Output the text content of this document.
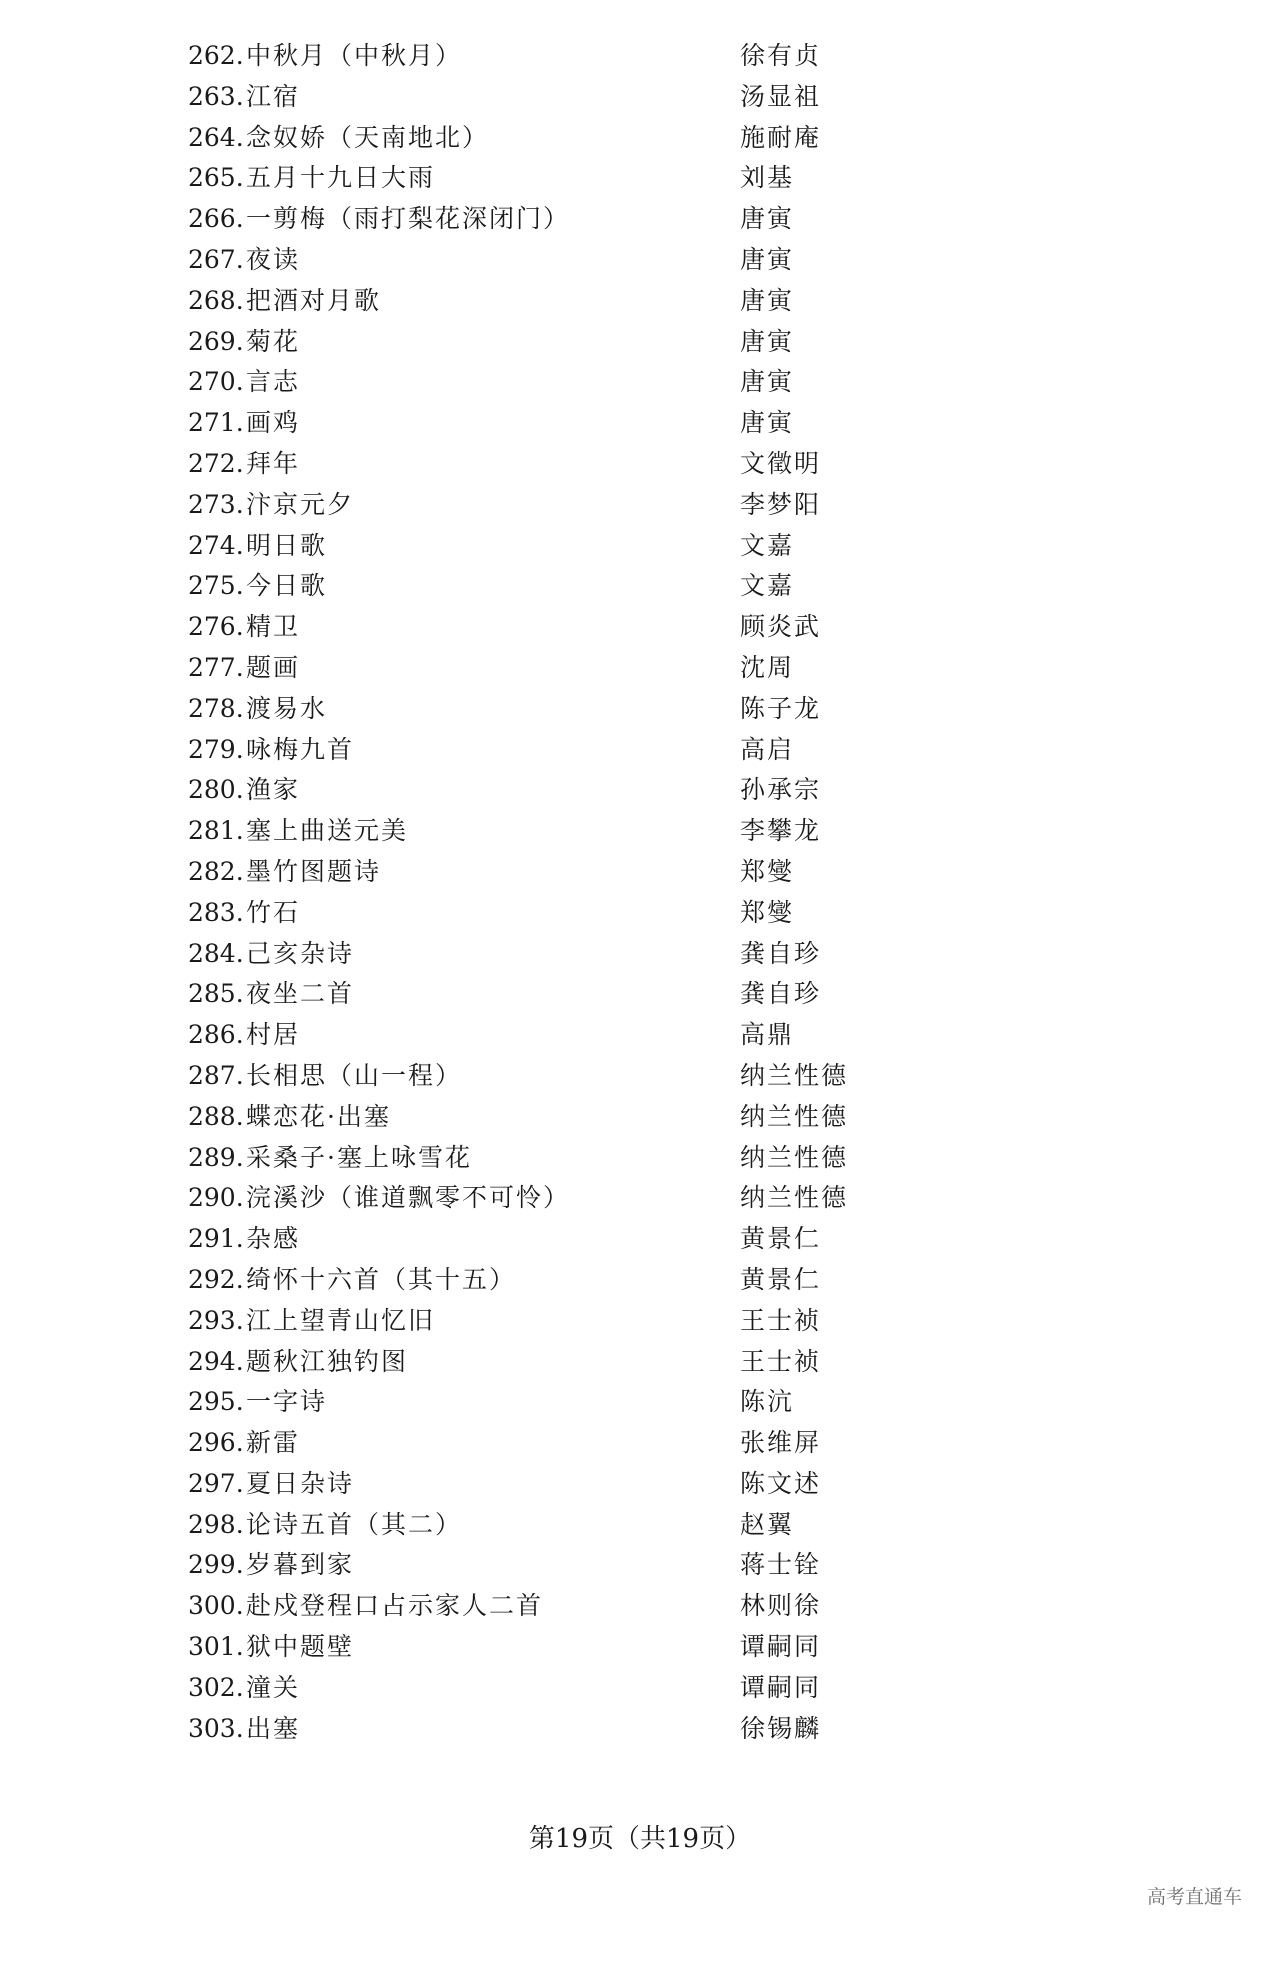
262. 中秋月（中秋月）	徐有贞
263. 江宿	汤显祖
264. 念奴娇（天南地北）	施耐庵
265. 五月十九日大雨	刘基
266. 一剪梅（雨打梨花深闭门）	唐寅
267. 夜读	唐寅
268. 把酒对月歌	唐寅
269. 菊花	唐寅
270. 言志	唐寅
271. 画鸡	唐寅
272. 拜年	文徵明
273. 汴京元夕	李梦阳
274. 明日歌	文嘉
275. 今日歌	文嘉
276. 精卫	顾炎武
277. 题画	沈周
278. 渡易水	陈子龙
279. 咏梅九首	高启
280. 渔家	孙承宗
281. 塞上曲送元美	李攀龙
282. 墨竹图题诗	郑燮
283. 竹石	郑燮
284. 己亥杂诗	龚自珍
285. 夜坐二首	龚自珍
286. 村居	高鼎
287. 长相思（山一程）	纳兰性德
288. 蝶恋花·出塞	纳兰性德
289. 采桑子·塞上咏雪花	纳兰性德
290. 浣溪沙（谁道飘零不可怜）	纳兰性德
291. 杂感	黄景仁
292. 绮怀十六首（其十五）	黄景仁
293. 江上望青山忆旧	王士祯
294. 题秋江独钓图	王士祯
295. 一字诗	陈沆
296. 新雷	张维屏
297. 夏日杂诗	陈文述
298. 论诗五首（其二）	赵翼
299. 岁暮到家	蒋士铨
300. 赴戍登程口占示家人二首	林则徐
301. 狱中题壁	谭嗣同
302. 潼关	谭嗣同
303. 出塞	徐锡麟
第19页（共19页）
高考直通车
